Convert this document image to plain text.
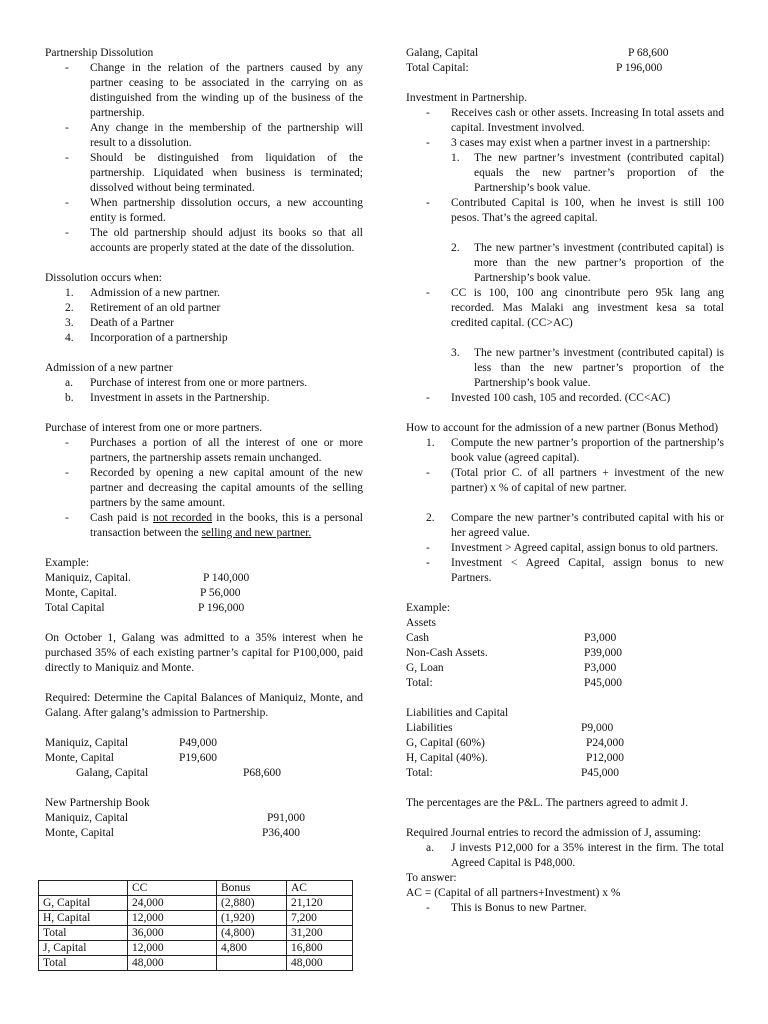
Partnership Dissolution
- Change in the relation of the partners caused by any partner ceasing to be associated in the carrying on as distinguished from the winding up of the business of the partnership.
- Any change in the membership of the partnership will result to a dissolution.
- Should be distinguished from liquidation of the partnership. Liquidated when business is terminated; dissolved without being terminated.
- When partnership dissolution occurs, a new accounting entity is formed.
- The old partnership should adjust its books so that all accounts are properly stated at the date of the dissolution.
Dissolution occurs when:
1. Admission of a new partner.
2. Retirement of an old partner
3. Death of a Partner
4. Incorporation of a partnership
Admission of a new partner
a. Purchase of interest from one or more partners.
b. Investment in assets in the Partnership.
Purchase of interest from one or more partners.
- Purchases a portion of all the interest of one or more partners, the partnership assets remain unchanged.
- Recorded by opening a new capital amount of the new partner and decreasing the capital amounts of the selling partners by the same amount.
- Cash paid is not recorded in the books, this is a personal transaction between the selling and new partner.
Example:
Maniquiz, Capital.	P 140,000
Monte, Capital.	P 56,000
Total Capital	P 196,000
On October 1, Galang was admitted to a 35% interest when he purchased 35% of each existing partner’s capital for P100,000, paid directly to Maniquiz and Monte.
Required: Determine the Capital Balances of Maniquiz, Monte, and Galang. After galang’s admission to Partnership.
Maniquiz, Capital	P49,000
Monte, Capital	P19,600
Galang, Capital	P68,600
New Partnership Book
Maniquiz, Capital	P91,000
Monte, Capital	P36,400
	CC	Bonus	AC
G, Capital	24,000	(2,880)	21,120
H, Capital	12,000	(1,920)	7,200
Total	36,000	(4,800)	31,200
J, Capital	12,000	4,800	16,800
Total	48,000		48,000
Galang, Capital	P 68,600
Total Capital:	P 196,000
Investment in Partnership.
- Receives cash or other assets. Increasing In total assets and capital. Investment involved.
- 3 cases may exist when a partner invest in a partnership:
1. The new partner’s investment (contributed capital) equals the new partner’s proportion of the Partnership’s book value.
- Contributed Capital is 100, when he invest is still 100 pesos. That’s the agreed capital.
2. The new partner’s investment (contributed capital) is more than the new partner’s proportion of the Partnership’s book value.
- CC is 100, 100 ang cinontribute pero 95k lang ang recorded. Mas Malaki ang investment kesa sa total credited capital. (CC>AC)
3. The new partner’s investment (contributed capital) is less than the new partner’s proportion of the Partnership’s book value.
- Invested 100 cash, 105 and recorded. (CC<AC)
How to account for the admission of a new partner (Bonus Method)
1. Compute the new partner’s proportion of the partnership’s book value (agreed capital).
- (Total prior C. of all partners + investment of the new partner) x % of capital of new partner.
2. Compare the new partner’s contributed capital with his or her agreed value.
- Investment > Agreed capital, assign bonus to old partners.
- Investment < Agreed Capital, assign bonus to new Partners.
Example:
Assets
Cash	P3,000
Non-Cash Assets.	P39,000
G, Loan	P3,000
Total:	P45,000
Liabilities and Capital
Liabilities	P9,000
G, Capital (60%)	P24,000
H, Capital (40%).	P12,000
Total:	P45,000
The percentages are the P&L. The partners agreed to admit J.
Required Journal entries to record the admission of J, assuming:
a. J invests P12,000 for a 35% interest in the firm. The total Agreed Capital is P48,000.
To answer:
AC = (Capital of all partners+Investment) x %
- This is Bonus to new Partner.
